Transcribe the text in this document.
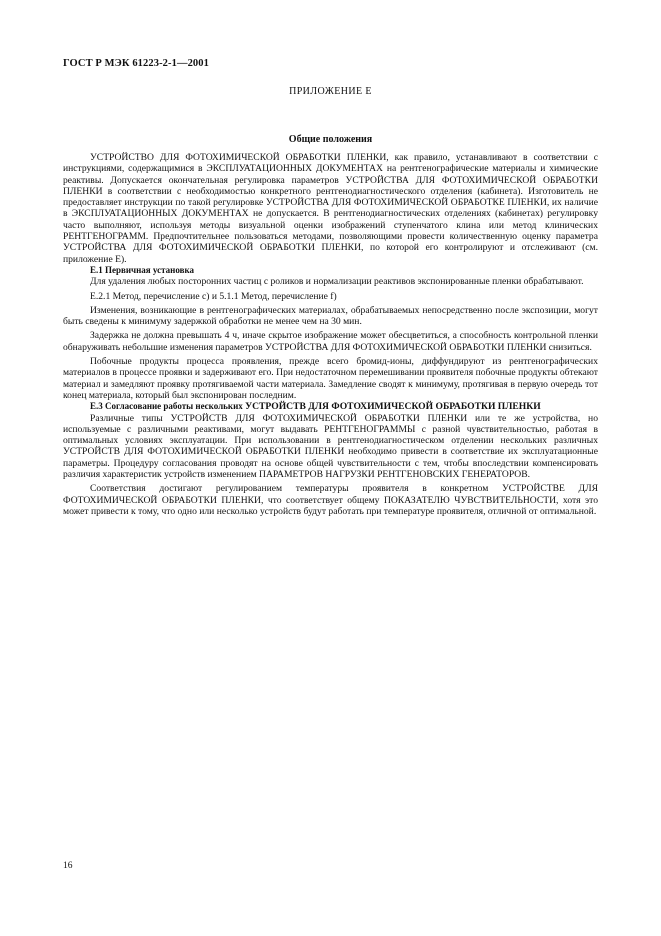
ГОСТ Р МЭК 61223-2-1—2001
ПРИЛОЖЕНИЕ Е
Общие положения

УСТРОЙСТВО ДЛЯ ФОТОХИМИЧЕСКОЙ ОБРАБОТКИ ПЛЕНКИ, как правило, устанавливают в соответствии с инструкциями, содержащимися в ЭКСПЛУАТАЦИОННЫХ ДОКУМЕНТАХ на рентгенографические материалы и химические реактивы. Допускается окончательная регулировка параметров УСТРОЙСТВА ДЛЯ ФОТОХИМИЧЕСКОЙ ОБРАБОТКИ ПЛЕНКИ в соответствии с необходимостью конкретного рентгенодиагностического отделения (кабинета). Изготовитель не предоставляет инструкции по такой регулировке УСТРОЙСТВА ДЛЯ ФОТОХИМИЧЕСКОЙ ОБРАБОТКЕ ПЛЕНКИ, их наличие в ЭКСПЛУАТАЦИОННЫХ ДОКУМЕНТАХ не допускается. В рентгенодиагностических отделениях (кабинетах) регулировку часто выполняют, используя методы визуальной оценки изображений ступенчатого клина или метод клинических РЕНТГЕНОГРАММ. Предпочтительнее пользоваться методами, позволяющими провести количественную оценку параметра УСТРОЙСТВА ДЛЯ ФОТОХИМИЧЕСКОЙ ОБРАБОТКИ ПЛЕНКИ, по которой его контролируют и отслеживают (см. приложение Е).

Е.1 Первичная установка

Для удаления любых посторонних частиц с роликов и нормализации реактивов экспонированные пленки обрабатывают.

Е.2.1 Метод, перечисление c) и 5.1.1 Метод, перечисление f)

Изменения, возникающие в рентгенографических материалах, обрабатываемых непосредственно после экспозиции, могут быть сведены к минимуму задержкой обработки не менее чем на 30 мин.

Задержка не должна превышать 4 ч, иначе скрытое изображение может обесцветиться, а способность контрольной пленки обнаруживать небольшие изменения параметров УСТРОЙСТВА ДЛЯ ФОТОХИМИЧЕСКОЙ ОБРАБОТКИ ПЛЕНКИ снизиться.

Побочные продукты процесса проявления, прежде всего бромид-ионы, диффундируют из рентгенографических материалов в процессе проявки и задерживают его. При недостаточном перемешивании проявителя побочные продукты обтекают материал и замедляют проявку протягиваемой части материала. Замедление сводят к минимуму, протягивая в первую очередь тот конец материала, который был экспонирован последним.

Е.3 Согласование работы нескольких УСТРОЙСТВ ДЛЯ ФОТОХИМИЧЕСКОЙ ОБРАБОТКИ ПЛЕНКИ

Различные типы УСТРОЙСТВ ДЛЯ ФОТОХИМИЧЕСКОЙ ОБРАБОТКИ ПЛЕНКИ или те же устройства, но используемые с различными реактивами, могут выдавать РЕНТГЕНОГРАММЫ с разной чувствительностью, работая в оптимальных условиях эксплуатации. При использовании в рентгенодиагностическом отделении нескольких различных УСТРОЙСТВ ДЛЯ ФОТОХИМИЧЕСКОЙ ОБРАБОТКИ ПЛЕНКИ необходимо привести в соответствие их эксплуатационные параметры. Процедуру согласования проводят на основе общей чувствительности с тем, чтобы впоследствии компенсировать различия характеристик устройств изменением ПАРАМЕТРОВ НАГРУЗКИ РЕНТГЕНОВСКИХ ГЕНЕРАТОРОВ.

Соответствия достигают регулированием температуры проявителя в конкретном УСТРОЙСТВЕ ДЛЯ ФОТОХИМИЧЕСКОЙ ОБРАБОТКИ ПЛЕНКИ, что соответствует общему ПОКАЗАТЕЛЮ ЧУВСТВИТЕЛЬНОСТИ, хотя это может привести к тому, что одно или несколько устройств будут работать при температуре проявителя, отличной от оптимальной.

16
